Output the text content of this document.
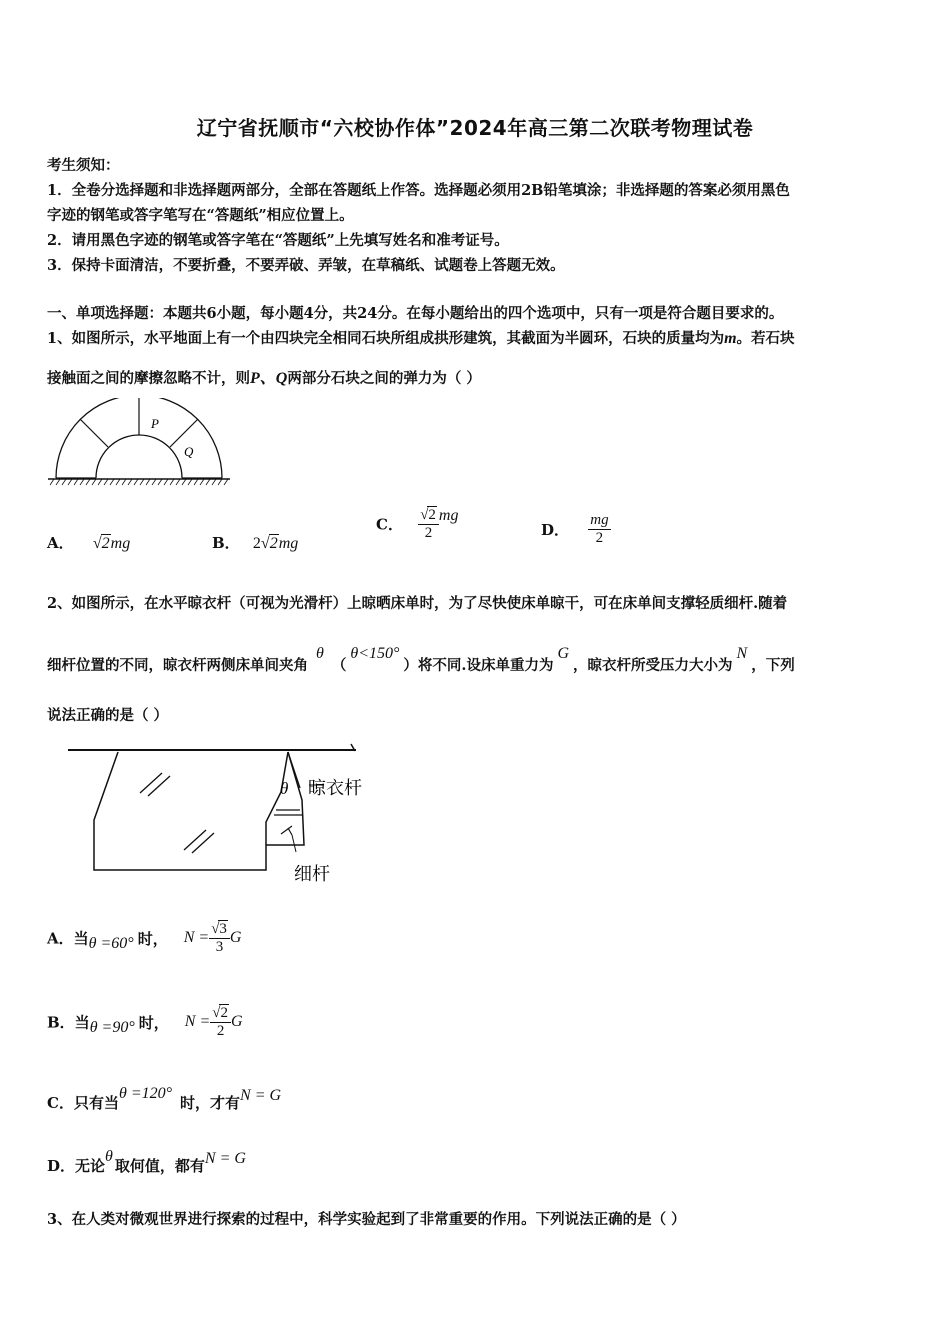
辽宁省抚顺市“六校协作体”2024年高三第二次联考物理试卷
考生须知：
1．全卷分选择题和非选择题两部分，全部在答题纸上作答。选择题必须用2B铅笔填涂；非选择题的答案必须用黑色
字迹的钢笔或答字笔写在“答题纸”相应位置上。
2．请用黑色字迹的钢笔或答字笔在“答题纸”上先填写姓名和准考证号。
3．保持卡面清洁，不要折叠，不要弄破、弄皱，在草稿纸、试题卷上答题无效。
一、单项选择题：本题共6小题，每小题4分，共24分。在每小题给出的四个选项中，只有一项是符合题目要求的。
1、如图所示，水平地面上有一个由四块完全相同石块所组成拱形建筑，其截面为半圆环，石块的质量均为m。若石块
接触面之间的摩擦忽略不计，则P、Q两部分石块之间的弹力为（ ）
P
Q
A． √2mg	B． 2√2mg
C． $\frac{√2}{2}$ mg
D． $\frac{mg}{2}$
2、如图所示，在水平晾衣杆（可视为光滑杆）上晾晒床单时，为了尽快使床单晾干，可在床单间支撑轻质细杆.随着
细杆位置的不同，晾衣杆两侧床单间夹角θ（θ<150°）将不同.设床单重力为G，晾衣杆所受压力大小为N，下列
说法正确的是（ ）
θ 晾衣杆
细杆
A．当θ =60° 时， $N = \frac{√3}{3}$ G
B．当θ =90° 时， $N = \frac{√2}{2}$ G
C．只有当θ =120°时，才有N = G
D．无论θ取何值，都有N = G
3、在人类对微观世界进行探索的过程中，科学实验起到了非常重要的作用。下列说法正确的是（ ）
